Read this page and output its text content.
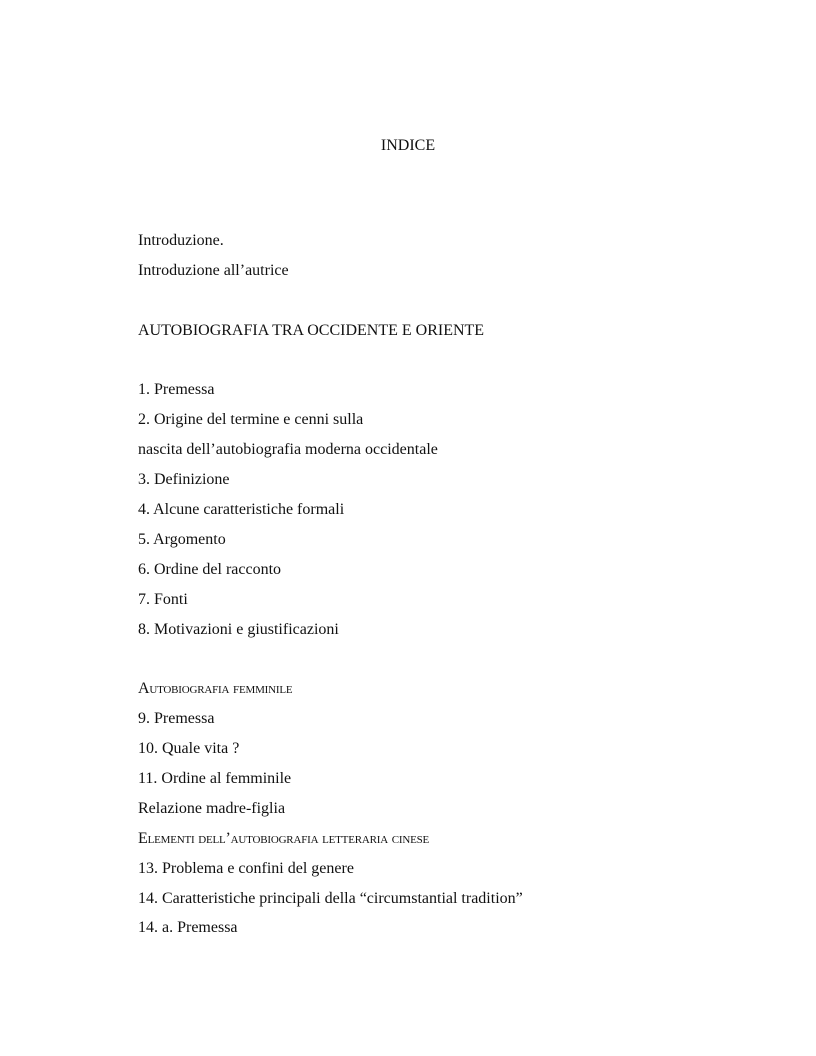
INDICE
Introduzione.
Introduzione all’autrice
AUTOBIOGRAFIA TRA OCCIDENTE E ORIENTE
1. Premessa
2. Origine del termine e cenni sulla
nascita dell’autobiografia moderna occidentale
3. Definizione
4. Alcune caratteristiche formali
5. Argomento
6. Ordine del racconto
7. Fonti
8. Motivazioni e giustificazioni
Autobiografia femminile
9. Premessa
10. Quale vita ?
11. Ordine al femminile
Relazione madre-figlia
Elementi dell’autobiografia letteraria cinese
13. Problema e confini del genere
14. Caratteristiche principali della “circumstantial tradition”
14. a. Premessa
